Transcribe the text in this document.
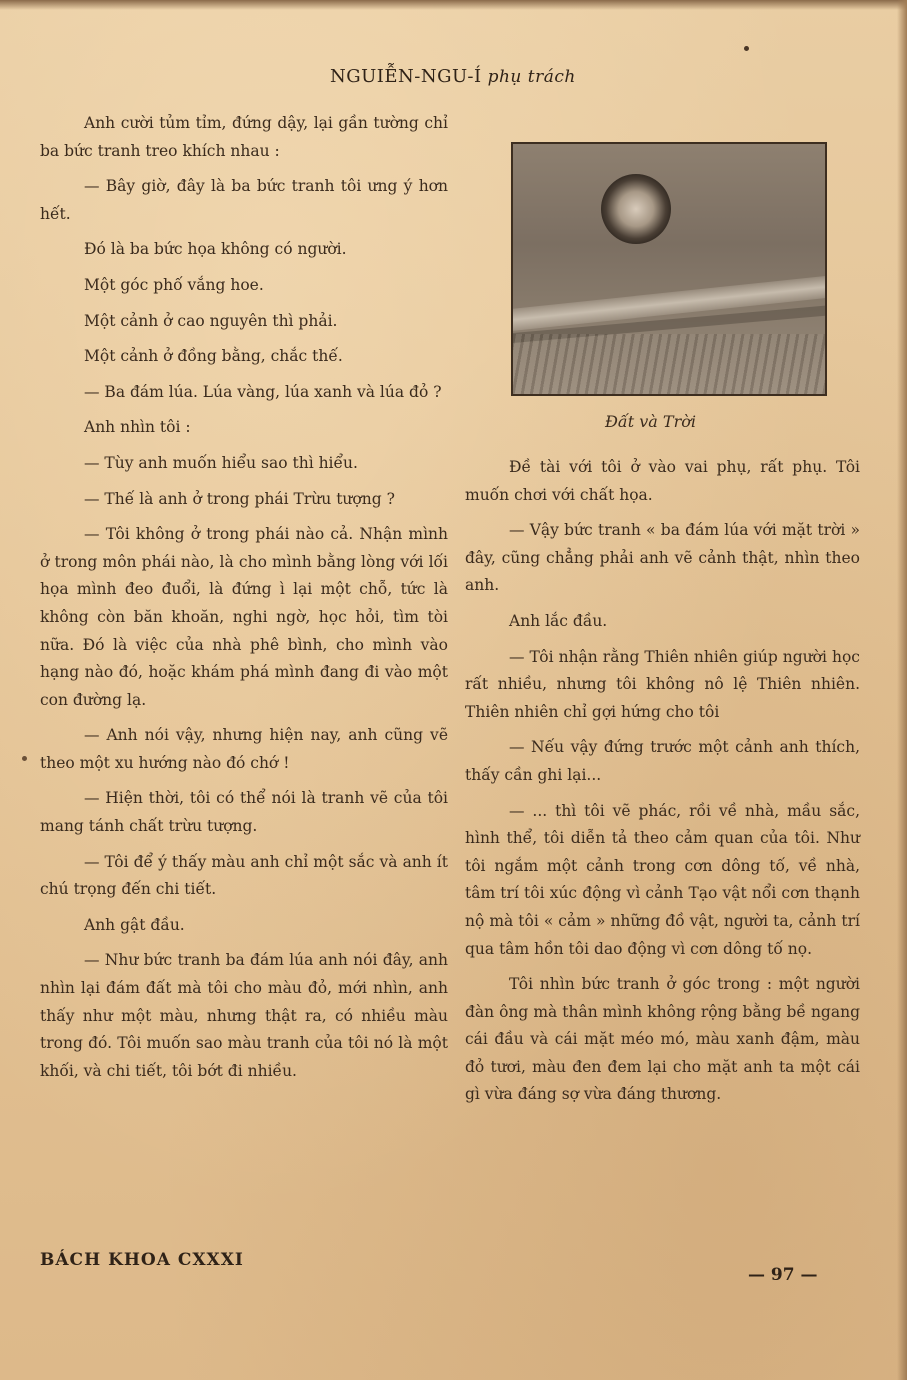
NGUIỄN-NGU-Í phụ trách

Anh cười tủm tỉm, đứng dậy, lại gần tường chỉ ba bức tranh treo khích nhau :

— Bây giờ, đây là ba bức tranh tôi ưng ý hơn hết.

Đó là ba bức họa không có người.

Một góc phố vắng hoe.

Một cảnh ở cao nguyên thì phải.

Một cảnh ở đồng bằng, chắc thế.

— Ba đám lúa. Lúa vàng, lúa xanh và lúa đỏ ?

Anh nhìn tôi :

— Tùy anh muốn hiểu sao thì hiểu.

— Thế là anh ở trong phái Trừu tượng ?

— Tôi không ở trong phái nào cả. Nhận mình ở trong môn phái nào, là cho mình bằng lòng với lối họa mình đeo đuổi, là đứng ì lại một chỗ, tức là không còn băn khoăn, nghi ngờ, học hỏi, tìm tòi nữa. Đó là việc của nhà phê bình, cho mình vào hạng nào đó, hoặc khám phá mình đang đi vào một con đường lạ.

— Anh nói vậy, nhưng hiện nay, anh cũng vẽ theo một xu hướng nào đó chớ !

— Hiện thời, tôi có thể nói là tranh vẽ của tôi mang tánh chất trừu tượng.

— Tôi để ý thấy màu anh chỉ một sắc và anh ít chú trọng đến chi tiết.

Anh gật đầu.

— Như bức tranh ba đám lúa anh nói đây, anh nhìn lại đám đất mà tôi cho màu đỏ, mới nhìn, anh thấy như một màu, nhưng thật ra, có nhiều màu trong đó. Tôi muốn sao màu tranh của tôi nó là một khối, và chi tiết, tôi bớt đi nhiều.

Đất và Trời

Đề tài với tôi ở vào vai phụ, rất phụ. Tôi muốn chơi với chất họa.

— Vậy bức tranh « ba đám lúa với mặt trời » đây, cũng chẳng phải anh vẽ cảnh thật, nhìn theo anh.

Anh lắc đầu.

— Tôi nhận rằng Thiên nhiên giúp người học rất nhiều, nhưng tôi không nô lệ Thiên nhiên. Thiên nhiên chỉ gợi hứng cho tôi

— Nếu vậy đứng trước một cảnh anh thích, thấy cần ghi lại...

— ... thì tôi vẽ phác, rồi về nhà, mầu sắc, hình thể, tôi diễn tả theo cảm quan của tôi. Như tôi ngắm một cảnh trong cơn dông tố, về nhà, tâm trí tôi xúc động vì cảnh Tạo vật nổi cơn thạnh nộ mà tôi « cảm » những đồ vật, người ta, cảnh trí qua tâm hồn tôi dao động vì cơn dông tố nọ.

Tôi nhìn bức tranh ở góc trong : một người đàn ông mà thân mình không rộng bằng bề ngang cái đầu và cái mặt méo mó, màu xanh đậm, màu đỏ tươi, màu đen đem lại cho mặt anh ta một cái gì vừa đáng sợ vừa đáng thương.

BÁCH KHOA CXXXI
— 97 —
